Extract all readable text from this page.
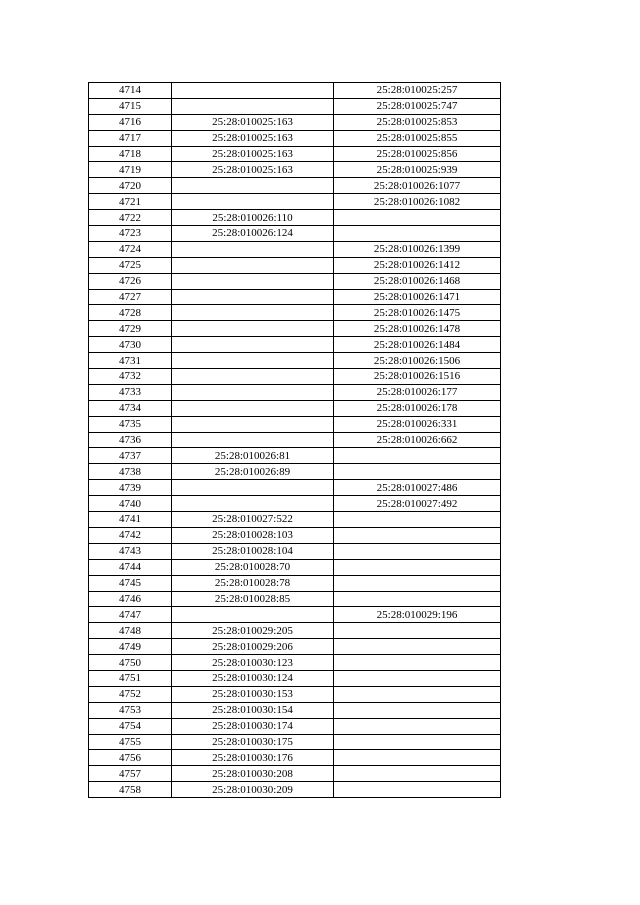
4714		25:28:010025:257
4715		25:28:010025:747
4716	25:28:010025:163	25:28:010025:853
4717	25:28:010025:163	25:28:010025:855
4718	25:28:010025:163	25:28:010025:856
4719	25:28:010025:163	25:28:010025:939
4720		25:28:010026:1077
4721		25:28:010026:1082
4722	25:28:010026:110	
4723	25:28:010026:124	
4724		25:28:010026:1399
4725		25:28:010026:1412
4726		25:28:010026:1468
4727		25:28:010026:1471
4728		25:28:010026:1475
4729		25:28:010026:1478
4730		25:28:010026:1484
4731		25:28:010026:1506
4732		25:28:010026:1516
4733		25:28:010026:177
4734		25:28:010026:178
4735		25:28:010026:331
4736		25:28:010026:662
4737	25:28:010026:81	
4738	25:28:010026:89	
4739		25:28:010027:486
4740		25:28:010027:492
4741	25:28:010027:522	
4742	25:28:010028:103	
4743	25:28:010028:104	
4744	25:28:010028:70	
4745	25:28:010028:78	
4746	25:28:010028:85	
4747		25:28:010029:196
4748	25:28:010029:205	
4749	25:28:010029:206	
4750	25:28:010030:123	
4751	25:28:010030:124	
4752	25:28:010030:153	
4753	25:28:010030:154	
4754	25:28:010030:174	
4755	25:28:010030:175	
4756	25:28:010030:176	
4757	25:28:010030:208	
4758	25:28:010030:209	
